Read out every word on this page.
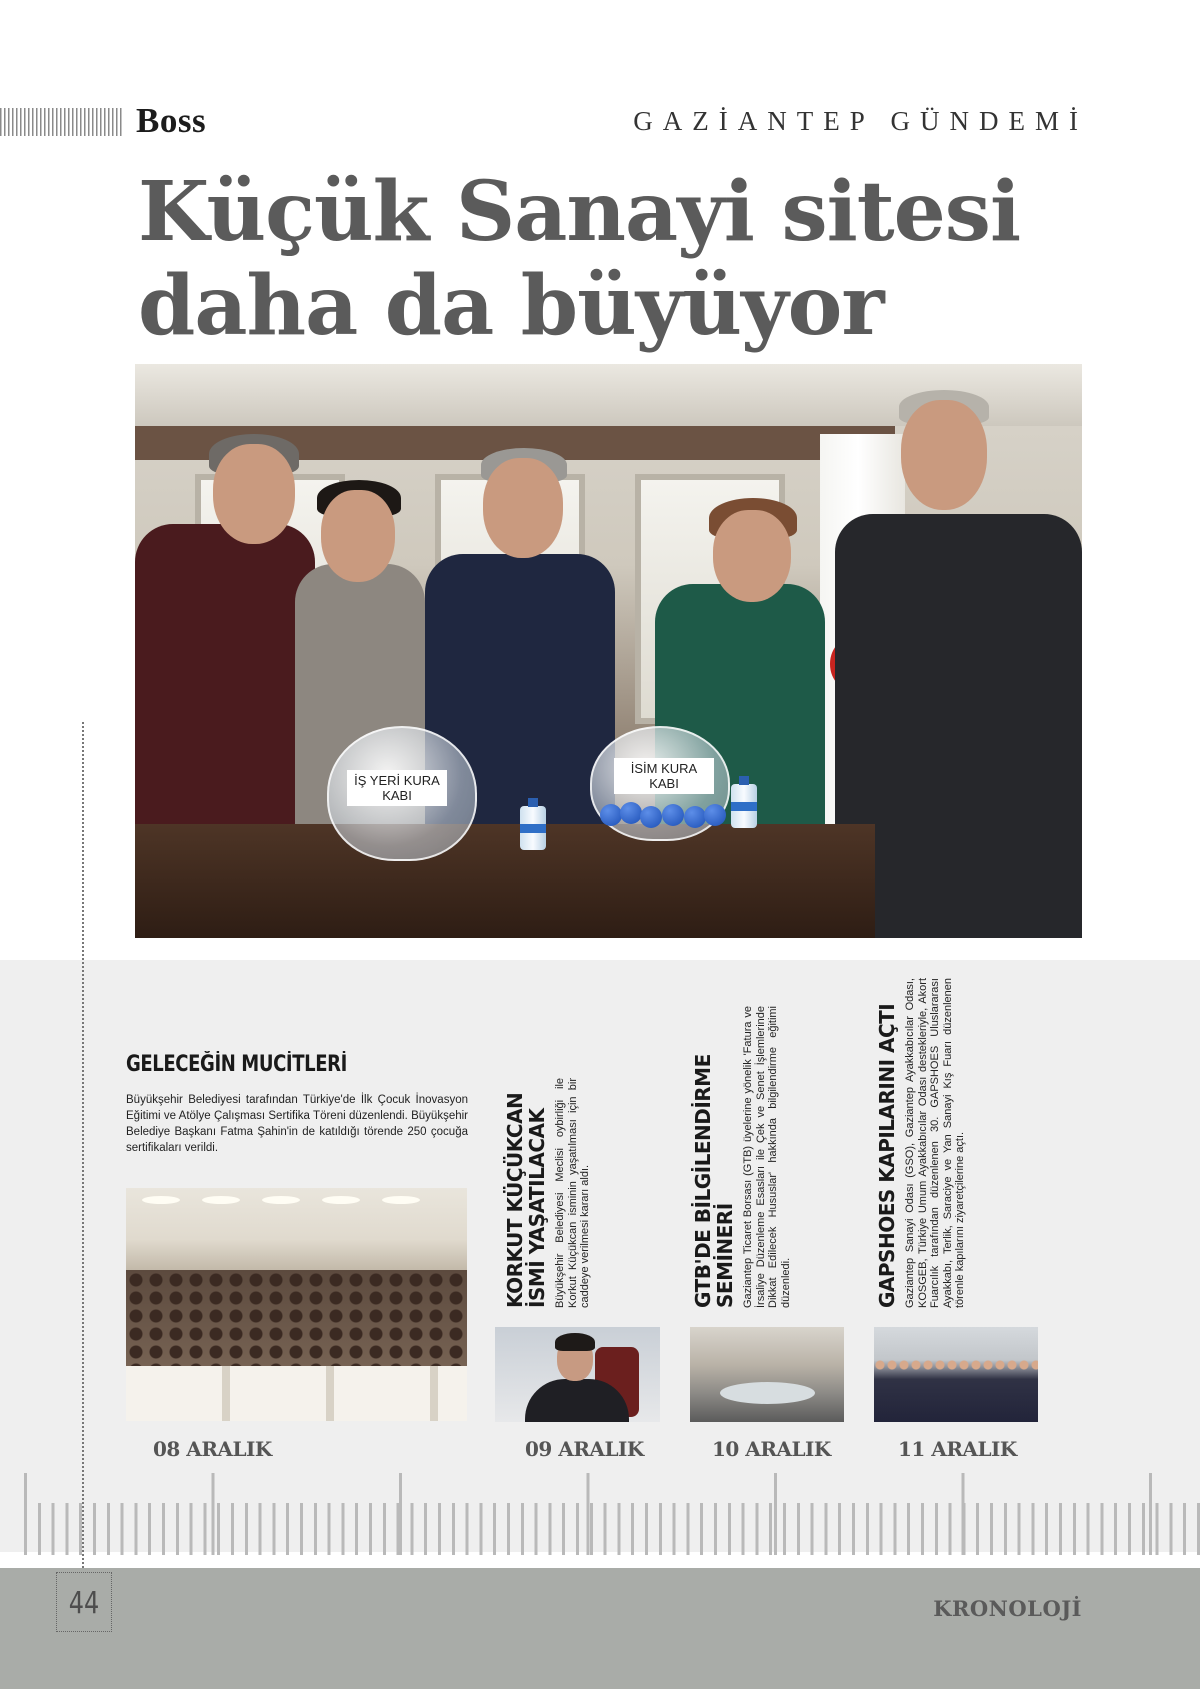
Boss	GAZİANTEP GÜNDEMİ
Küçük Sanayi sitesi
daha da büyüyor
İŞ YERİ KURA KABI
İSİM KURA KABI
GELECEĞİN MUCİTLERİ

Büyükşehir Belediyesi tarafından Türkiye'de İlk Çocuk İnovasyon Eğitimi ve Atölye Çalışması Sertifika Töreni düzenlendi. Büyükşehir Belediye Başkanı Fatma Şahin'in de katıldığı törende 250 çocuğa sertifikaları verildi.	KORKUT KÜÇÜKCAN İSMİ YAŞATILACAK Büyükşehir Belediyesi Meclisi oybirliği ile Korkut Küçükcan isminin yaşatılması için bir caddeye verilmesi kararı aldı.	GTB'DE BİLGİLENDİRME SEMİNERİ Gaziantep Ticaret Borsası (GTB) üyelerine yönelik 'Fatura ve İrsaliye Düzenleme Esasları ile Çek ve Senet İşlemlerinde Dikkat Edilecek Hususlar' hakkında bilgilendirme eğitimi düzenledi.	GAPSHOES KAPILARINI AÇTI Gaziantep Sanayi Odası (GSO), Gaziantep Ayakkabıcılar Odası, KOSGEB, Türkiye Umum Ayakkabıcılar Odası destekleriyle, Akort Fuarcılık tarafından düzenlenen 30. GAPSHOES Uluslararası Ayakkabı, Terlik, Saraciye ve Yan Sanayi Kış Fuarı düzenlenen törenle kapılarını ziyaretçilerine açtı.
08 ARALIK	09 ARALIK	10 ARALIK	11 ARALIK
44	KRONOLOJİ
